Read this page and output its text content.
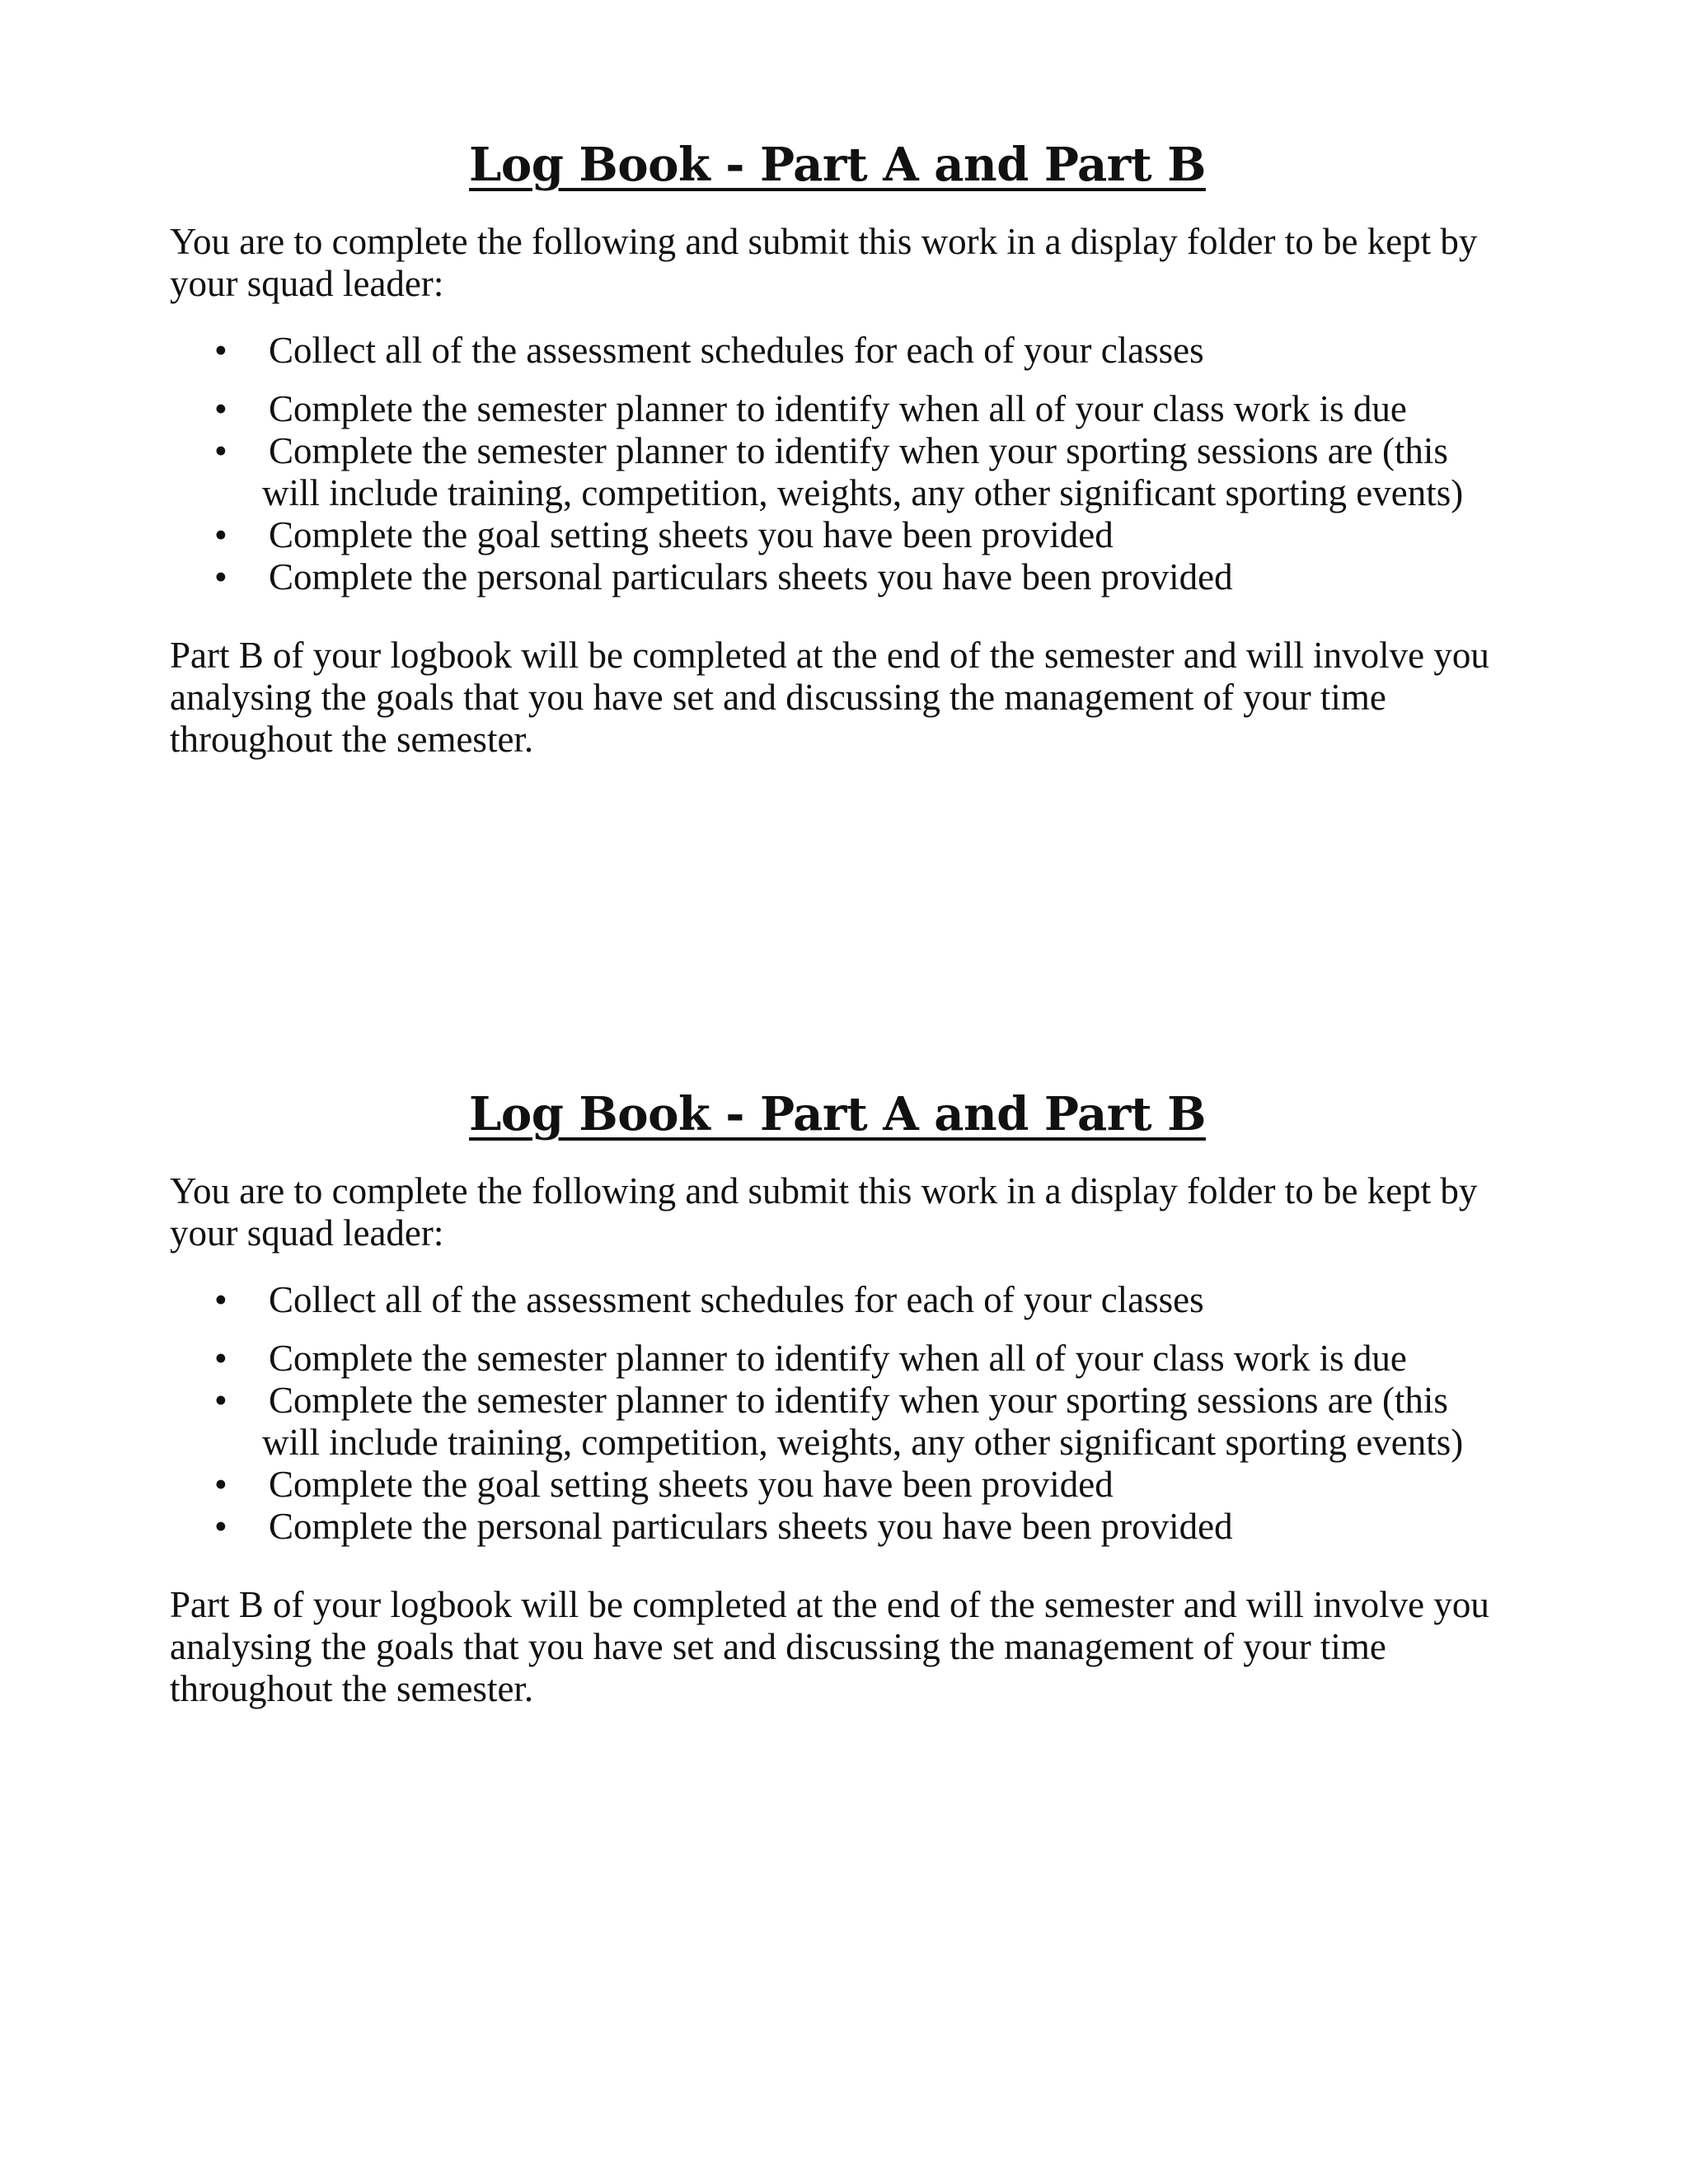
Log Book - Part A and Part B

You are to complete the following and submit this work in a display folder to be kept by your squad leader:

• Collect all of the assessment schedules for each of your classes
• Complete the semester planner to identify when all of your class work is due
• Complete the semester planner to identify when your sporting sessions are (this will include training, competition, weights, any other significant sporting events)
• Complete the goal setting sheets you have been provided
• Complete the personal particulars sheets you have been provided

Part B of your logbook will be completed at the end of the semester and will involve you analysing the goals that you have set and discussing the management of your time throughout the semester.

Log Book - Part A and Part B

You are to complete the following and submit this work in a display folder to be kept by your squad leader:

• Collect all of the assessment schedules for each of your classes
• Complete the semester planner to identify when all of your class work is due
• Complete the semester planner to identify when your sporting sessions are (this will include training, competition, weights, any other significant sporting events)
• Complete the goal setting sheets you have been provided
• Complete the personal particulars sheets you have been provided

Part B of your logbook will be completed at the end of the semester and will involve you analysing the goals that you have set and discussing the management of your time throughout the semester.
